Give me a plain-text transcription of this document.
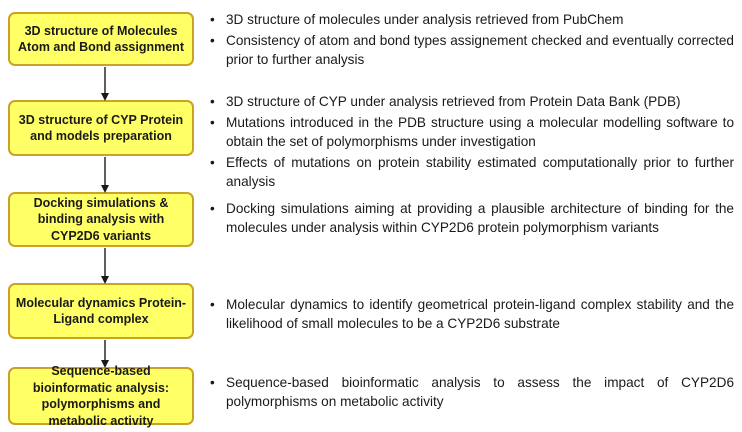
3D structure of Molecules Atom and Bond assignment
• 3D structure of molecules under analysis retrieved from PubChem
• Consistency of atom and bond types assignement checked and eventually corrected prior to further analysis
3D structure of CYP Protein and models preparation
• 3D structure of CYP under analysis retrieved from Protein Data Bank (PDB)
• Mutations introduced in the PDB structure using a molecular modelling software to obtain the set of polymorphisms under investigation
• Effects of mutations on protein stability estimated computationally prior to further analysis
Docking simulations & binding analysis with CYP2D6 variants
• Docking simulations aiming at providing a plausible architecture of binding for the molecules under analysis within CYP2D6 protein polymorphism variants
Molecular dynamics Protein-Ligand complex
• Molecular dynamics to identify geometrical protein-ligand complex stability and the likelihood of small molecules to be a CYP2D6 substrate
Sequence-based bioinformatic analysis: polymorphisms and metabolic activity
• Sequence-based bioinformatic analysis to assess the impact of CYP2D6 polymorphisms on metabolic activity
